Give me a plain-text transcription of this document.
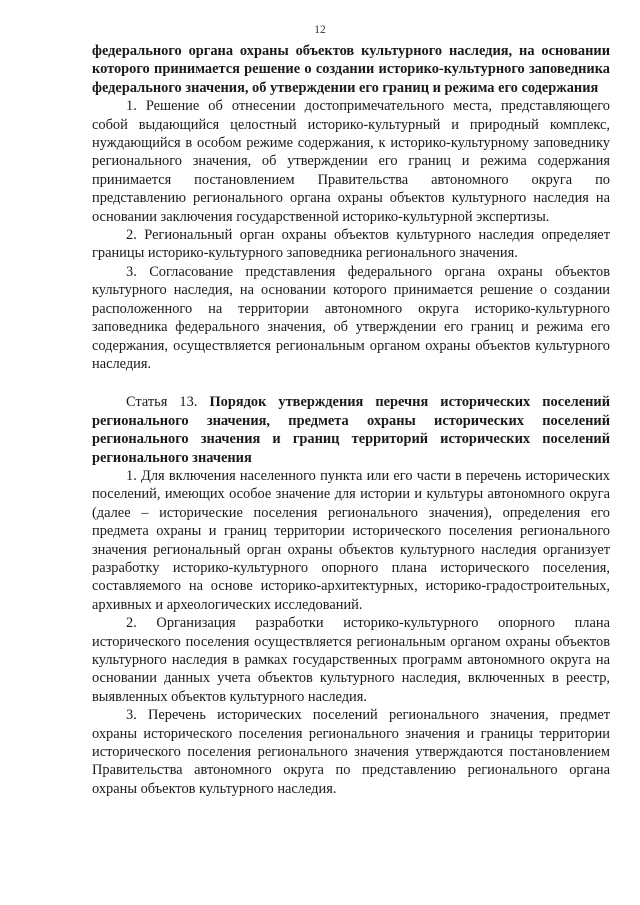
12

федерального органа охраны объектов культурного наследия, на основании которого принимается решение о создании историко-культурного заповедника федерального значения, об утверждении его границ и режима его содержания

1. Решение об отнесении достопримечательного места, представляющего собой выдающийся целостный историко-культурный и природный комплекс, нуждающийся в особом режиме содержания, к историко-культурному заповеднику регионального значения, об утверждении его границ и режима содержания принимается постановлением Правительства автономного округа по представлению регионального органа охраны объектов культурного наследия на основании заключения государственной историко-культурной экспертизы.

2. Региональный орган охраны объектов культурного наследия определяет границы историко-культурного заповедника регионального значения.

3. Согласование представления федерального органа охраны объектов культурного наследия, на основании которого принимается решение о создании расположенного на территории автономного округа историко-культурного заповедника федерального значения, об утверждении его границ и режима его содержания, осуществляется региональным органом охраны объектов культурного наследия.

Статья 13. Порядок утверждения перечня исторических поселений регионального значения, предмета охраны исторических поселений регионального значения и границ территорий исторических поселений регионального значения

1. Для включения населенного пункта или его части в перечень исторических поселений, имеющих особое значение для истории и культуры автономного округа (далее – исторические поселения регионального значения), определения его предмета охраны и границ территории исторического поселения регионального значения региональный орган охраны объектов культурного наследия организует разработку историко-культурного опорного плана исторического поселения, составляемого на основе историко-архитектурных, историко-градостроительных, архивных и археологических исследований.

2. Организация разработки историко-культурного опорного плана исторического поселения осуществляется региональным органом охраны объектов культурного наследия в рамках государственных программ автономного округа на основании данных учета объектов культурного наследия, включенных в реестр, выявленных объектов культурного наследия.

3. Перечень исторических поселений регионального значения, предмет охраны исторического поселения регионального значения и границы территории исторического поселения регионального значения утверждаются постановлением Правительства автономного округа по представлению регионального органа охраны объектов культурного наследия.
